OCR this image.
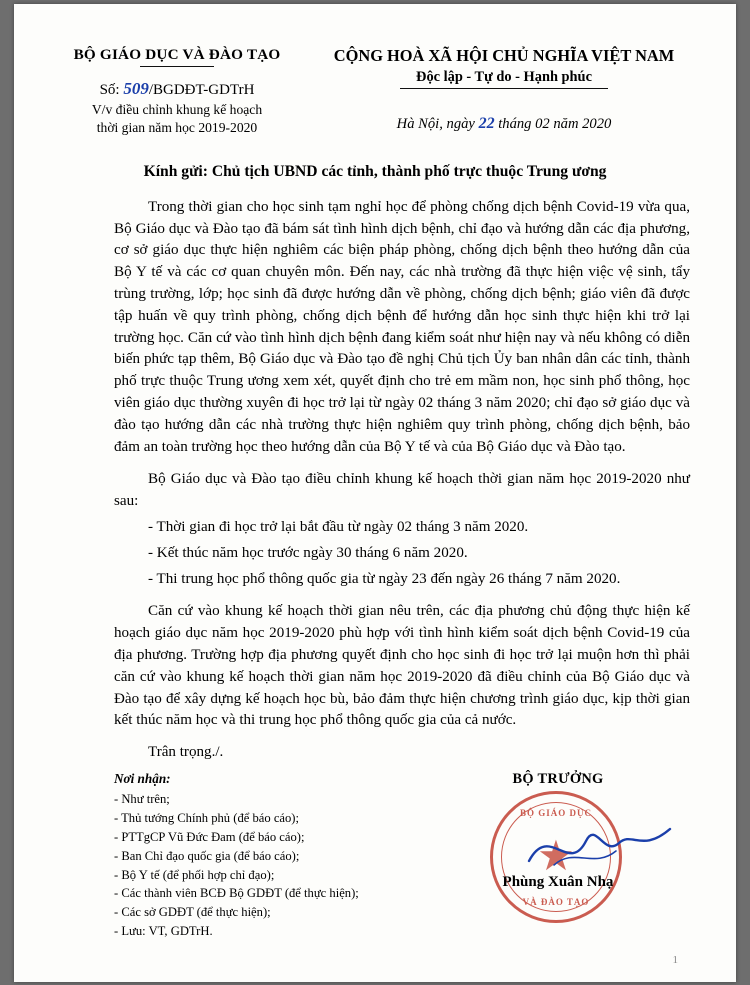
BỘ GIÁO DỤC VÀ ĐÀO TẠO
Số: 509/BGDĐT-GDTrH
V/v điều chỉnh khung kế hoạch
thời gian năm học 2019-2020
CỘNG HOÀ XÃ HỘI CHỦ NGHĨA VIỆT NAM
Độc lập - Tự do - Hạnh phúc
Hà Nội, ngày 22 tháng 02 năm 2020
Kính gửi: Chủ tịch UBND các tỉnh, thành phố trực thuộc Trung ương

Trong thời gian cho học sinh tạm nghỉ học để phòng chống dịch bệnh Covid-19 vừa qua, Bộ Giáo dục và Đào tạo đã bám sát tình hình dịch bệnh, chỉ đạo và hướng dẫn các địa phương, cơ sở giáo dục thực hiện nghiêm các biện pháp phòng, chống dịch bệnh theo hướng dẫn của Bộ Y tế và các cơ quan chuyên môn. Đến nay, các nhà trường đã thực hiện việc vệ sinh, tẩy trùng trường, lớp; học sinh đã được hướng dẫn về phòng, chống dịch bệnh; giáo viên đã được tập huấn về quy trình phòng, chống dịch bệnh để hướng dẫn học sinh thực hiện khi trở lại trường học. Căn cứ vào tình hình dịch bệnh đang kiểm soát như hiện nay và nếu không có diễn biến phức tạp thêm, Bộ Giáo dục và Đào tạo đề nghị Chủ tịch Ủy ban nhân dân các tỉnh, thành phố trực thuộc Trung ương xem xét, quyết định cho trẻ em mầm non, học sinh phổ thông, học viên giáo dục thường xuyên đi học trở lại từ ngày 02 tháng 3 năm 2020; chỉ đạo sở giáo dục và đào tạo hướng dẫn các nhà trường thực hiện nghiêm quy trình phòng, chống dịch bệnh, bảo đảm an toàn trường học theo hướng dẫn của Bộ Y tế và của Bộ Giáo dục và Đào tạo.

Bộ Giáo dục và Đào tạo điều chỉnh khung kế hoạch thời gian năm học 2019-2020 như sau:

- Thời gian đi học trở lại bắt đầu từ ngày 02 tháng 3 năm 2020.

- Kết thúc năm học trước ngày 30 tháng 6 năm 2020.

- Thi trung học phổ thông quốc gia từ ngày 23 đến ngày 26 tháng 7 năm 2020.

Căn cứ vào khung kế hoạch thời gian nêu trên, các địa phương chủ động thực hiện kế hoạch giáo dục năm học 2019-2020 phù hợp với tình hình kiểm soát dịch bệnh Covid-19 của địa phương. Trường hợp địa phương quyết định cho học sinh đi học trở lại muộn hơn thì phải căn cứ vào khung kế hoạch thời gian năm học 2019-2020 đã điều chỉnh của Bộ Giáo dục và Đào tạo để xây dựng kế hoạch học bù, bảo đảm thực hiện chương trình giáo dục, kịp thời gian kết thúc năm học và thi trung học phổ thông quốc gia của cả nước.

Trân trọng./.
Nơi nhận:
- Như trên;
- Thủ tướng Chính phủ (để báo cáo);
- PTTgCP Vũ Đức Đam (để báo cáo);
- Ban Chỉ đạo quốc gia (để báo cáo);
- Bộ Y tế (để phối hợp chỉ đạo);
- Các thành viên BCĐ Bộ GDĐT (để thực hiện);
- Các sở GDĐT (để thực hiện);
- Lưu: VT, GDTrH.
BỘ TRƯỞNG
BỘ GIÁO DỤC
★
VÀ ĐÀO TẠO
Phùng Xuân Nhạ
1
